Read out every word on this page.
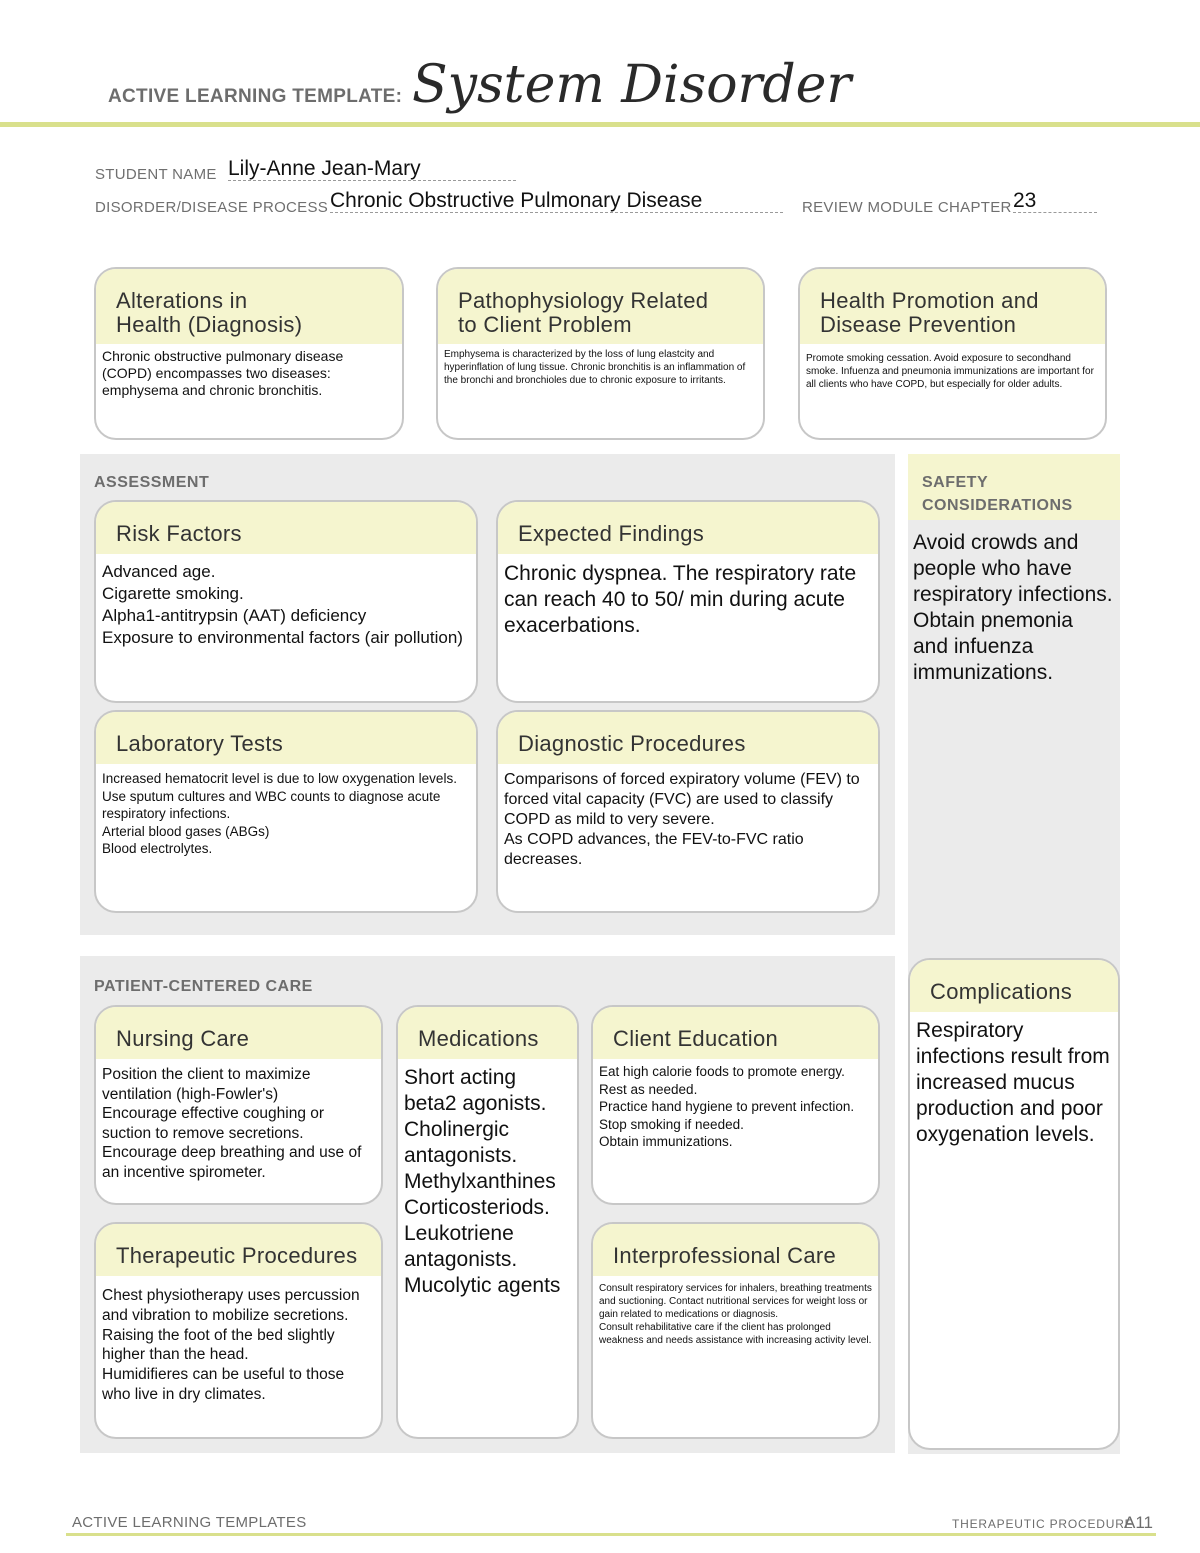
ACTIVE LEARNING TEMPLATE: System Disorder
STUDENT NAME Lily-Anne Jean-Mary
DISORDER/DISEASE PROCESS Chronic Obstructive Pulmonary Disease	REVIEW MODULE CHAPTER 23
Alterations in
Health (Diagnosis)
Chronic obstructive pulmonary disease (COPD) encompasses two diseases: emphysema and chronic bronchitis.
Pathophysiology Related
to Client Problem
Emphysema is characterized by the loss of lung elastcity and hyperinflation of lung tissue. Chronic bronchitis is an inflammation of the bronchi and bronchioles due to chronic exposure to irritants.
Health Promotion and
Disease Prevention
Promote smoking cessation. Avoid exposure to secondhand smoke. Infuenza and pneumonia immunizations are important for all clients who have COPD, but especially for older adults.
ASSESSMENT
Risk Factors
Advanced age.
Cigarette smoking.
Alpha1-antitrypsin (AAT) deficiency
Exposure to environmental factors (air pollution)
Expected Findings
Chronic dyspnea. The respiratory rate can reach 40 to 50/ min during acute exacerbations.
Laboratory Tests
Increased hematocrit level is due to low oxygenation levels.
Use sputum cultures and WBC counts to diagnose acute respiratory infections.
Arterial blood gases (ABGs)
Blood electrolytes.
Diagnostic Procedures
Comparisons of forced expiratory volume (FEV) to forced vital capacity (FVC) are used to classify COPD as mild to very severe.
As COPD advances, the FEV-to-FVC ratio decreases.
SAFETY
CONSIDERATIONS
Avoid crowds and people who have respiratory infections.
Obtain pnemonia and infuenza immunizations.
PATIENT-CENTERED CARE
Nursing Care
Position the client to maximize ventilation (high-Fowler's)
Encourage effective coughing or suction to remove secretions.
Encourage deep breathing and use of an incentive spirometer.
Medications
Short acting beta2 agonists.
Cholinergic antagonists.
Methylxanthines
Corticosteriods.
Leukotriene antagonists.
Mucolytic agents
Client Education
Eat high calorie foods to promote energy.
Rest as needed.
Practice hand hygiene to prevent infection.
Stop smoking if needed.
Obtain immunizations.
Therapeutic Procedures
Chest physiotherapy uses percussion and vibration to mobilize secretions.
Raising the foot of the bed slightly higher than the head.
Humidifieres can be useful to those who live in dry climates.
Interprofessional Care
Consult respiratory services for inhalers, breathing treatments and suctioning. Contact nutritional services for weight loss or gain related to medications or diagnosis.
Consult rehabilitative care if the client has prolonged weakness and needs assistance with increasing activity level.
Complications
Respiratory infections result from increased mucus production and poor oxygenation levels.
ACTIVE LEARNING TEMPLATES	THERAPEUTIC PROCEDURE
A11
